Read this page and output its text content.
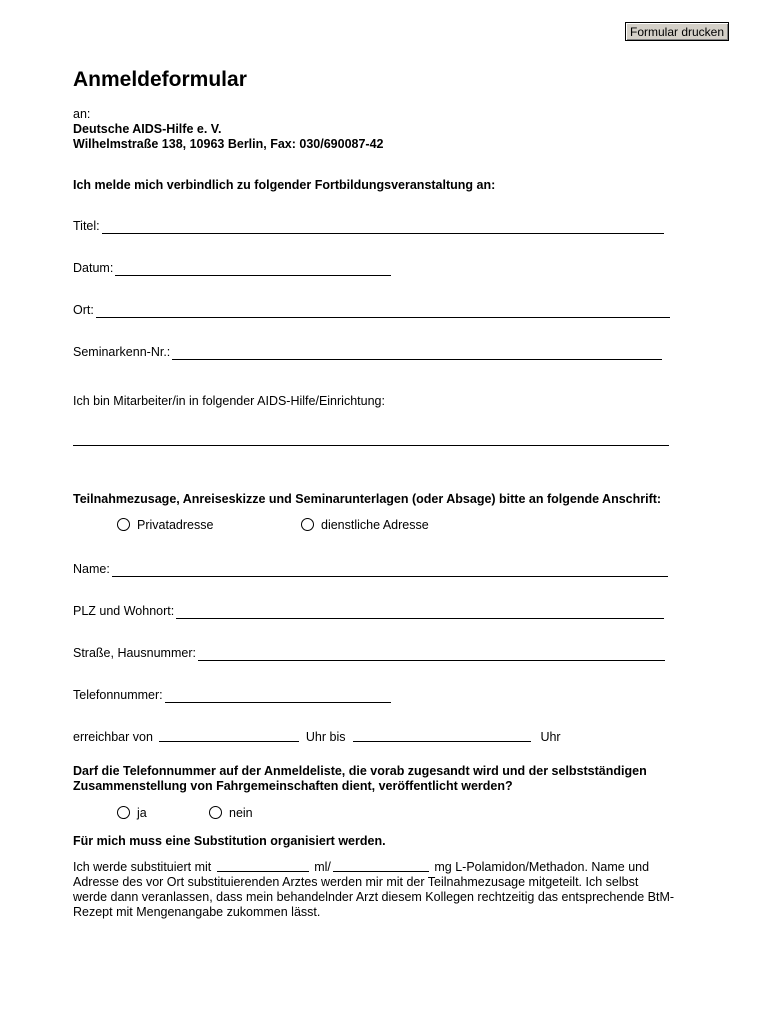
Formular drucken
Anmeldeformular
an:
Deutsche AIDS-Hilfe e. V.
Wilhelmstraße 138, 10963 Berlin, Fax: 030/690087-42
Ich melde mich verbindlich zu folgender Fortbildungsveranstaltung an:
Titel:
Datum:
Ort:
Seminarkenn-Nr.:
Ich bin Mitarbeiter/in in folgender AIDS-Hilfe/Einrichtung:
Teilnahmezusage, Anreiseskizze und Seminarunterlagen (oder Absage) bitte an folgende Anschrift:
Privatadresse	dienstliche Adresse
Name:
PLZ und Wohnort:
Straße, Hausnummer:
Telefonnummer:
erreichbar von	Uhr bis	Uhr
Darf die Telefonnummer auf der Anmeldeliste, die vorab zugesandt wird und der selbstständigen
Zusammenstellung von Fahrgemeinschaften dient, veröffentlicht werden?
ja	nein
Für mich muss eine Substitution organisiert werden.
Ich werde substituiert mit	ml/	mg L-Polamidon/Methadon. Name und
Adresse des vor Ort substituierenden Arztes werden mir mit der Teilnahmezusage mitgeteilt. Ich selbst
werde dann veranlassen, dass mein behandelnder Arzt diesem Kollegen rechtzeitig das entsprechende BtM-
Rezept mit Mengenangabe zukommen lässt.
